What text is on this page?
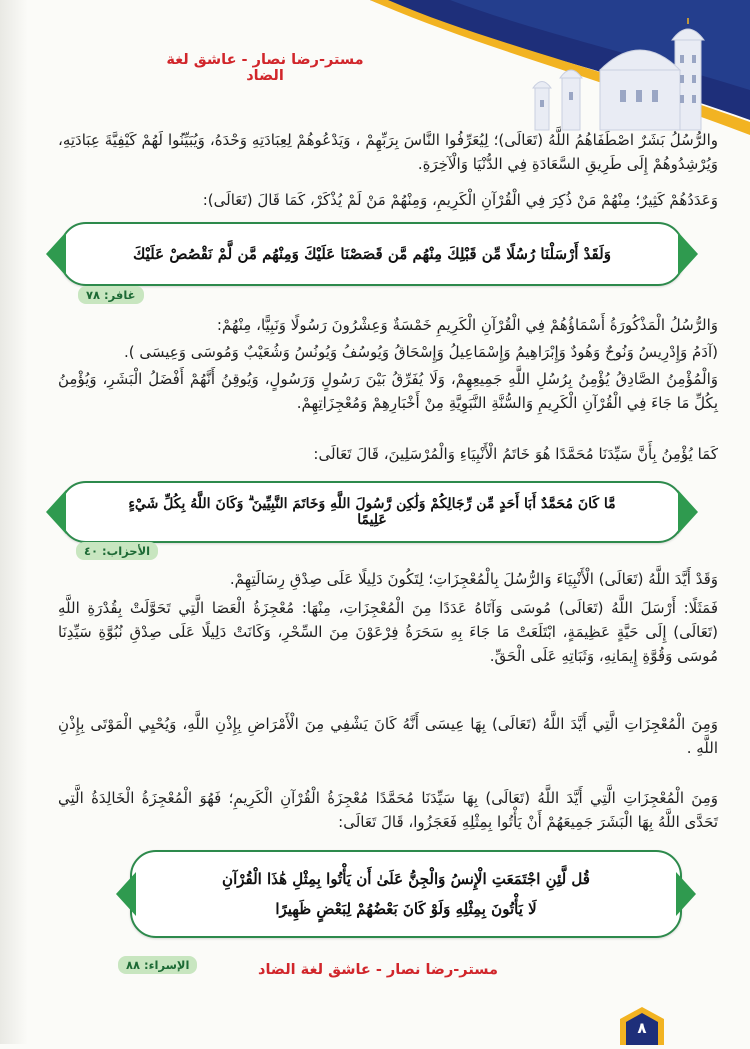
مستر-رضا نصار - عاشق لغة الضاد
والرُّسُلُ بَشَرٌ اصْطَفَاهُمُ اللَّهُ (تَعَالَى)؛ لِيُعَرِّفُوا النَّاسَ بِرَبِّهِمْ ، وَيَدْعُوهُمْ لِعِبَادَتِهِ وَحْدَهُ، وَيُبَيِّنُوا لَهُمْ كَيْفِيَّةَ عِبَادَتِهِ، وَيُرْشِدُوهُمْ إِلَى طَرِيقِ السَّعَادَةِ فِي الدُّنْيَا وَالْآخِرَةِ.
وَعَدَدُهُمْ كَثِيرٌ؛ مِنْهُمْ مَنْ ذُكِرَ فِي الْقُرْآنِ الْكَرِيمِ، وَمِنْهُمْ مَنْ لَمْ يُذْكَرْ، كَمَا قَالَ (تَعَالَى):
وَلَقَدْ أَرْسَلْنَا رُسُلًا مِّن قَبْلِكَ مِنْهُم مَّن قَصَصْنَا عَلَيْكَ وَمِنْهُم مَّن لَّمْ نَقْصُصْ عَلَيْكَ
غافر: ٧٨
وَالرُّسُلُ الْمَذْكُورَةُ أَسْمَاؤُهُمْ فِي الْقُرْآنِ الْكَرِيمِ خَمْسَةٌ وَعِشْرُونَ رَسُولًا وَنَبِيًّا، مِنْهُمْ:
(آدَمُ وَإِدْرِيسُ وَنُوحٌ وَهُودٌ وَإِبْرَاهِيمُ وَإِسْمَاعِيلُ وَإِسْحَاقُ وَيُوسُفُ وَيُونُسُ وَشُعَيْبٌ وَمُوسَى وَعِيسَى ).
وَالْمُؤْمِنُ الصَّادِقُ يُؤْمِنُ بِرُسُلِ اللَّهِ جَمِيعِهِمْ، وَلَا يُفَرِّقُ بَيْنَ رَسُولٍ وَرَسُولٍ، وَيُوقِنُ أَنَّهُمْ أَفْضَلُ الْبَشَرِ، وَيُؤْمِنُ بِكُلِّ مَا جَاءَ فِي الْقُرْآنِ الْكَرِيمِ وَالسُّنَّةِ النَّبَوِيَّةِ مِنْ أَخْبَارِهِمْ وَمُعْجِزَاتِهِمْ.
كَمَا يُؤْمِنُ بِأَنَّ سَيِّدَنَا مُحَمَّدًا هُوَ خَاتَمُ الْأَنْبِيَاءِ وَالْمُرْسَلِينَ، قَالَ تَعَالَى:
مَّا كَانَ مُحَمَّدٌ أَبَا أَحَدٍ مِّن رِّجَالِكُمْ وَلَٰكِن رَّسُولَ اللَّهِ وَخَاتَمَ النَّبِيِّينَ ۗ وَكَانَ اللَّهُ بِكُلِّ شَيْءٍ عَلِيمًا
الأحزاب: ٤٠
وَقَدْ أَيَّدَ اللَّهُ (تَعَالَى) الْأَنْبِيَاءَ وَالرُّسُلَ بِالْمُعْجِزَاتِ؛ لِتَكُونَ دَلِيلًا عَلَى صِدْقِ رِسَالَتِهِمْ.
فَمَثَلًا: أَرْسَلَ اللَّهُ (تَعَالَى) مُوسَى وَآتَاهُ عَدَدًا مِنَ الْمُعْجِزَاتِ، مِنْهَا: مُعْجِزَةُ الْعَصَا الَّتِي تَحَوَّلَتْ بِقُدْرَةِ اللَّهِ (تَعَالَى) إِلَى حَيَّةٍ عَظِيمَةٍ، ابْتَلَعَتْ مَا جَاءَ بِهِ سَحَرَةُ فِرْعَوْنَ مِنَ السِّحْرِ، وَكَانَتْ دَلِيلًا عَلَى صِدْقِ نُبُوَّةِ سَيِّدِنَا مُوسَى وَقُوَّةِ إِيمَانِهِ، وَثَبَاتِهِ عَلَى الْحَقِّ.
وَمِنَ الْمُعْجِزَاتِ الَّتِي أَيَّدَ اللَّهُ (تَعَالَى) بِهَا عِيسَى أَنَّهُ كَانَ يَشْفِي مِنَ الْأَمْرَاضِ بِإِذْنِ اللَّهِ، وَيُحْيِي الْمَوْتَى بِإِذْنِ اللَّهِ .
وَمِنَ الْمُعْجِزَاتِ الَّتِي أَيَّدَ اللَّهُ (تَعَالَى) بِهَا سَيِّدَنَا مُحَمَّدًا مُعْجِزَةُ الْقُرْآنِ الْكَرِيمِ؛ فَهُوَ الْمُعْجِزَةُ الْخَالِدَةُ الَّتِي تَحَدَّى اللَّهُ بِهَا الْبَشَرَ جَمِيعَهُمْ أَنْ يَأْتُوا بِمِثْلِهِ فَعَجَزُوا، قَالَ تَعَالَى:
قُل لَّئِنِ اجْتَمَعَتِ الْإِنسُ وَالْجِنُّ عَلَىٰ أَن يَأْتُوا بِمِثْلِ هَٰذَا الْقُرْآنِ
لَا يَأْتُونَ بِمِثْلِهِ وَلَوْ كَانَ بَعْضُهُمْ لِبَعْضٍ ظَهِيرًا
الإسراء: ٨٨	مستر-رضا نصار - عاشق لغة الضاد
٨
